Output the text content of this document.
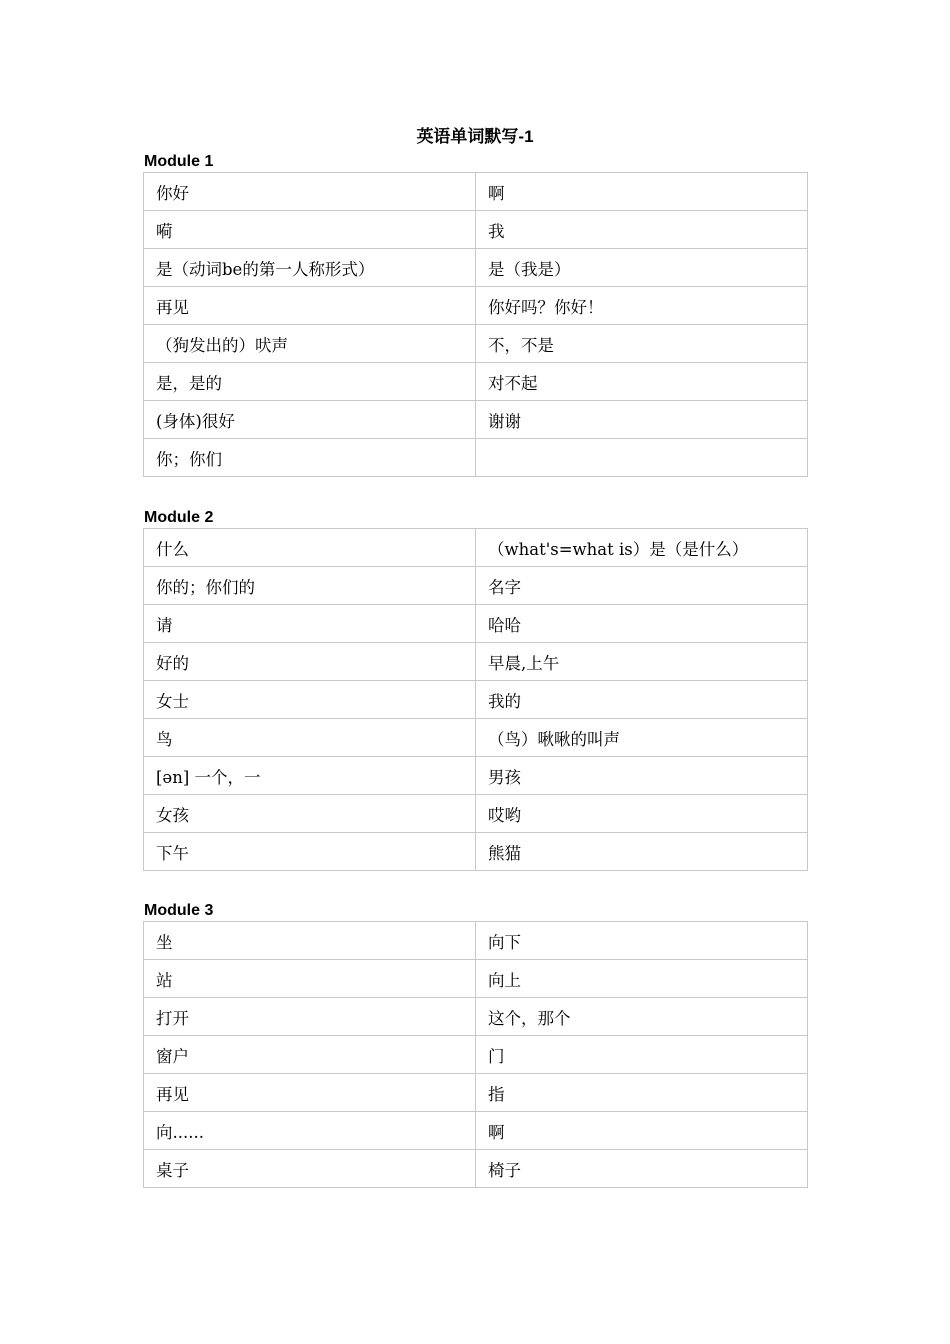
英语单词默写-1
Module 1
你好	啊
嗬	我
是（动词be的第一人称形式）	是（我是）
再见	你好吗？你好！
（狗发出的）吠声	不，不是
是，是的	对不起
(身体)很好	谢谢
你；你们	
Module 2
什么	（what's=what is）是（是什么）
你的；你们的	名字
请	哈哈
好的	早晨,上午
女士	我的
鸟	（鸟）啾啾的叫声
[ən] 一个，一	男孩
女孩	哎哟
下午	熊猫
Module 3
坐	向下
站	向上
打开	这个，那个
窗户	门
再见	指
向......	啊
桌子	椅子
